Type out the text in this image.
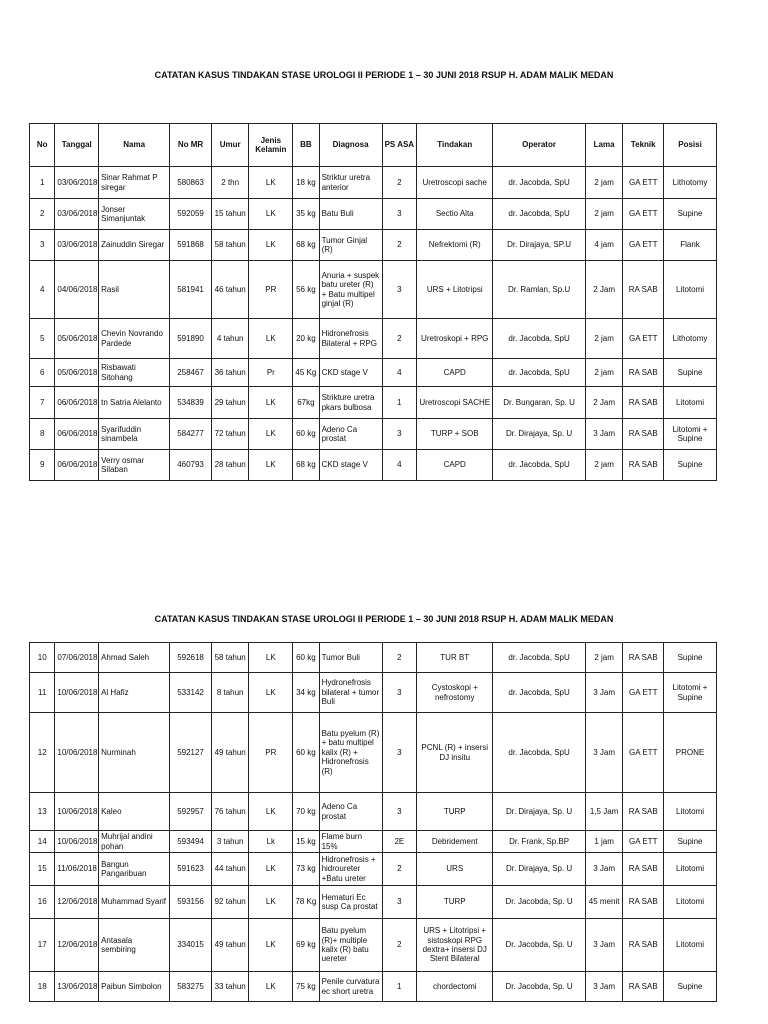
CATATAN KASUS TINDAKAN STASE UROLOGI II PERIODE 1 – 30 JUNI 2018 RSUP H. ADAM MALIK MEDAN
No	Tanggal	Nama	No MR	Umur	Jenis Kelamin	BB	Diagnosa	PS ASA	Tindakan	Operator	Lama	Teknik	Posisi
1	03/06/2018	Sinar Rahmat P siregar	580863	2 thn	LK	18 kg	Striktur uretra anterior	2	Uretroscopi sache	dr. Jacobda, SpU	2 jam	GA ETT	Lithotomy
2	03/06/2018	Jonser Simanjuntak	592059	15 tahun	LK	35 kg	Batu Buli	3	Sectio Alta	dr. Jacobda, SpU	2 jam	GA ETT	Supine
3	03/06/2018	Zainuddin Siregar	591868	58 tahun	LK	68 kg	Tumor Ginjal (R)	2	Nefrektomi (R)	Dr. Dirajaya, SP.U	4 jam	GA ETT	Flank
4	04/06/2018	Rasil	581941	46 tahun	PR	56 kg	Anuria + suspek batu ureter (R) + Batu multipel ginjal (R)	3	URS + Litotripsi	Dr. Ramlan, Sp.U	2 Jam	RA SAB	Litotomi
5	05/06/2018	Chevin Novrando Pardede	591890	4 tahun	LK	20 kg	Hidronefrosis Bilateral + RPG	2	Uretroskopi + RPG	dr. Jacobda, SpU	2 jam	GA ETT	Lithotomy
6	05/06/2018	Risbawati Sitohang	258467	36 tahun	Pr	45 Kg	CKD stage V	4	CAPD	dr. Jacobda, SpU	2 jam	RA SAB	Supine
7	06/06/2018	tn Satria Alelanto	534839	29 tahun	LK	67kg	Strikture uretra pkars bulbosa	1	Uretroscopi SACHE	Dr. Bungaran, Sp. U	2 Jam	RA SAB	Litotomi
8	06/06/2018	Syarifuddin sinambela	584277	72 tahun	LK	60 kg	Adeno Ca prostat	3	TURP + SOB	Dr. Dirajaya, Sp. U	3 Jam	RA SAB	Litotomi + Supine
9	06/06/2018	Verry osmar Silaban	460793	28 tahun	LK	68 kg	CKD stage V	4	CAPD	dr. Jacobda, SpU	2 jam	RA SAB	Supine
CATATAN KASUS TINDAKAN STASE UROLOGI II PERIODE 1 – 30 JUNI 2018 RSUP H. ADAM MALIK MEDAN
10	07/06/2018	Ahmad Saleh	592618	58 tahun	LK	60 kg	Tumor Buli	2	TUR BT	dr. Jacobda, SpU	2 jam	RA SAB	Supine
11	10/06/2018	Al Hafiz	533142	8 tahun	LK	34 kg	Hydronefrosis bilateral + tumor Buli	3	Cystoskopi + nefrostomy	dr. Jacobda, SpU	3 Jam	GA ETT	Litotomi + Supine
12	10/06/2018	Nurminah	592127	49 tahun	PR	60 kg	Batu pyelum (R) + batu multipel kalix (R) + Hidronefrosis (R)	3	PCNL (R) + insersi DJ insitu	dr. Jacobda, SpU	3 Jam	GA ETT	PRONE
13	10/06/2018	Kaleo	592957	76 tahun	LK	70 kg	Adeno Ca prostat	3	TURP	Dr. Dirajaya, Sp. U	1,5 Jam	RA SAB	Litotomi
14	10/06/2018	Muhrijal andini pohan	593494	3 tahun	Lk	15 kg	Flame burn 15%	2E	Debridement	Dr. Frank, Sp.BP	1 jam	GA ETT	Supine
15	11/06/2018	Bangun Pangaribuan	591623	44 tahun	LK	73 kg	Hidronefrosis + hidroureter +Batu ureter	2	URS	Dr. Dirajaya, Sp. U	3 Jam	RA SAB	Litotomi
16	12/06/2018	Muhammad Syarif	593156	92 tahun	LK	78 Kg	Hematuri Ec susp Ca prostat	3	TURP	Dr. Jacobda, Sp. U	45 menit	RA SAB	Litotomi
17	12/06/2018	Antasala sembiring	334015	49 tahun	LK	69 kg	Batu pyelum (R)+ multiple kalix (R) batu uereter	2	URS + Litotripsi + sistoskopi RPG dextra+ insersi DJ Stent Bilateral	Dr. Jacobda, Sp. U	3 Jam	RA SAB	Litotomi
18	13/06/2018	Paibun Simbolon	583275	33 tahun	LK	75 kg	Penile curvatura ec short uretra	1	chordectomi	Dr. Jacobda, Sp. U	3 Jam	RA SAB	Supine
